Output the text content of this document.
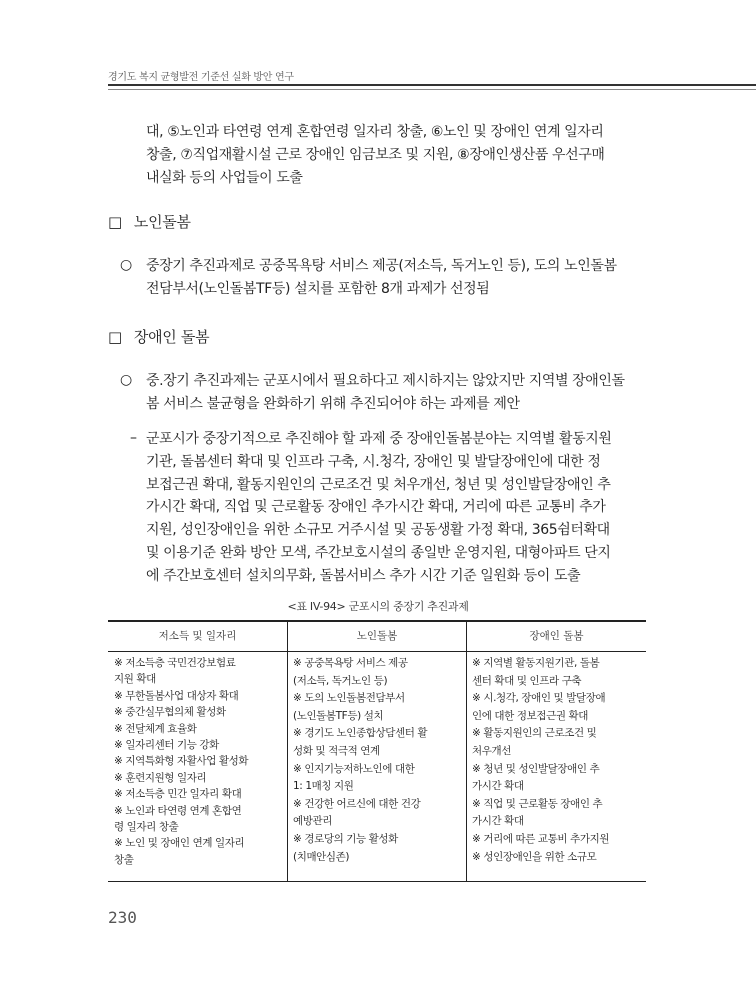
경기도 복지 균형발전 기준선 실화 방안 연구
대, ⑤노인과 타연령 연계 혼합연령 일자리 창출, ⑥노인 및 장애인 연계 일자리
창출, ⑦직업재활시설 근로 장애인 임금보조 및 지원, ⑧장애인생산품 우선구매
내실화 등의 사업들이 도출
□ 노인돌봄
○ 중장기 추진과제로 공중목욕탕 서비스 제공(저소득, 독거노인 등), 도의 노인돌봄
전담부서(노인돌봄TF등) 설치를 포함한 8개 과제가 선정됨
□ 장애인 돌봄
○ 중.장기 추진과제는 군포시에서 필요하다고 제시하지는 않았지만 지역별 장애인돌
봄 서비스 불균형을 완화하기 위해 추진되어야 하는 과제를 제안
– 군포시가 중장기적으로 추진해야 할 과제 중 장애인돌봄분야는 지역별 활동지원
기관, 돌봄센터 확대 및 인프라 구축, 시.청각, 장애인 및 발달장애인에 대한 정
보접근권 확대, 활동지원인의 근로조건 및 처우개선, 청년 및 성인발달장애인 추
가시간 확대, 직업 및 근로활동 장애인 추가시간 확대, 거리에 따른 교통비 추가
지원, 성인장애인을 위한 소규모 거주시설 및 공동생활 가정 확대, 365쉼터확대
및 이용기준 완화 방안 모색, 주간보호시설의 종일반 운영지원, 대형아파트 단지
에 주간보호센터 설치의무화, 돌봄서비스 추가 시간 기준 일원화 등이 도출
<표 IV-94> 군포시의 중장기 추진과제
저소득 및 일자리	노인돌봄	장애인 돌봄
※ 저소득층 국민건강보험료
지원 확대
※ 무한돌봄사업 대상자 확대
※ 중간실무협의체 활성화
※ 전달체계 효율화
※ 일자리센터 기능 강화
※ 지역특화형 자활사업 활성화
※ 훈련지원형 일자리
※ 저소득층 민간 일자리 확대
※ 노인과 타연령 연계 혼합연
령 일자리 창출
※ 노인 및 장애인 연계 일자리
창출
※ 공중목욕탕 서비스 제공
(저소득, 독거노인 등)
※ 도의 노인돌봄전담부서
(노인돌봄TF등) 설치
※ 경기도 노인종합상담센터 활
성화 및 적극적 연계
※ 인지기능저하노인에 대한
1: 1매칭 지원
※ 건강한 어르신에 대한 건강
예방관리
※ 경로당의 기능 활성화
(치매안심존)
※ 지역별 활동지원기관, 돌봄
센터 확대 및 인프라 구축
※ 시.청각, 장애인 및 발달장애
인에 대한 정보접근권 확대
※ 활동지원인의 근로조건 및
처우개선
※ 청년 및 성인발달장애인 추
가시간 확대
※ 직업 및 근로활동 장애인 추
가시간 확대
※ 거리에 따른 교통비 추가지원
※ 성인장애인을 위한 소규모
230
